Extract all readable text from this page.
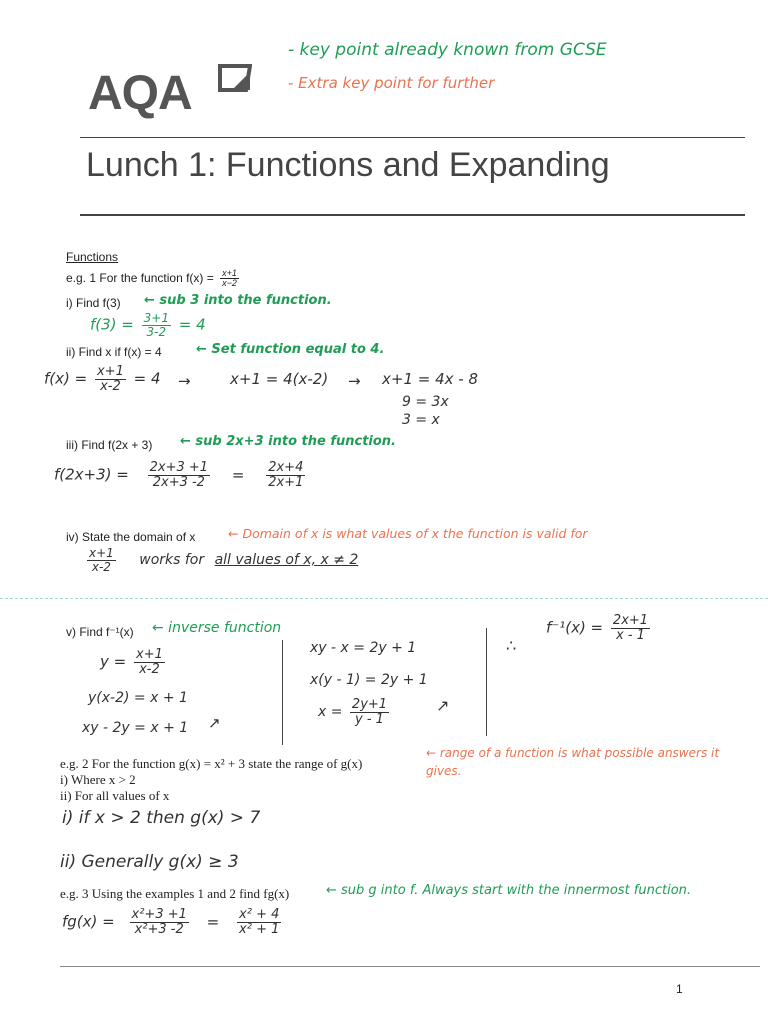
- key point already known from GCSE
- Extra key point for further
AQA
Lunch 1: Functions and Expanding
Functions
e.g. 1 For the function $f(x) = \frac{x+1}{x-2}$
i) Find f(3) ← sub 3 into the function.
$f(3) = \frac{3+1}{3-2} = 4$
ii) Find x if f(x) = 4	← Set function equal to 4.
$f(x) = \frac{x+1}{x-2} = 4$ →	x+1 = 4(x-2) → x+1 = 4x - 8
9 = 3x
3 = x
iii) Find f(2x + 3) ← sub 2x+3 into the function.
$f(2x+3) = \frac{2x+3 +1}{2x+3 -2} = \frac{2x+4}{2x+1}$
iv) State the domain of x	← Domain of x is what values of x the function is valid for
$\frac{x+1}{x-2}$ works for all values of x, x ≠ 2
v) Find f⁻¹(x) ← inverse function
$y = \frac{x+1}{x-2}$
y(x-2) = x + 1
xy - 2y = x + 1 ↗
xy - x = 2y + 1
x(y - 1) = 2y + 1
$x = \frac{2y+1}{y - 1}$	↗
∴
$f^{-1}(x) = \frac{2x+1}{x - 1}$
e.g. 2 For the function g(x) = x² + 3 state the range of g(x)
← range of a function is what possible answers it gives.
i) Where x > 2
ii) For all values of x
i) if x > 2 then g(x) > 7
ii) Generally g(x) ≥ 3
e.g. 3 Using the examples 1 and 2 find fg(x)	← sub g into f. Always start with the innermost function.
$fg(x) = \frac{\text{x²+3 +1}}{\text{x²+3 -2}} = \frac{\text{x² + 4}}{\text{x² + 1}}$
1
